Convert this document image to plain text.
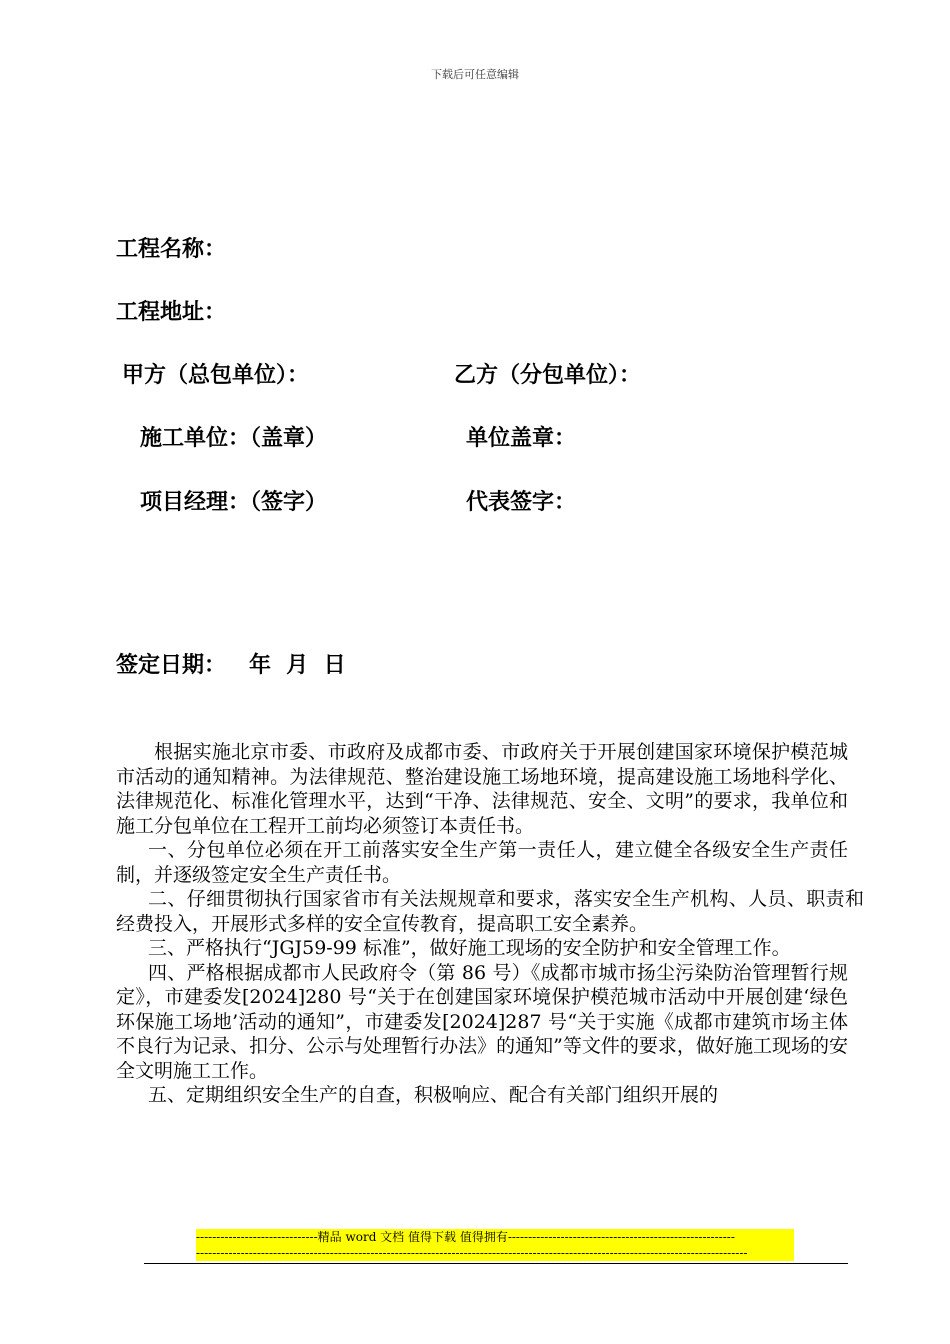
下载后可任意编辑
工程名称：
工程地址：
甲方（总包单位）：	乙方（分包单位）：
施工单位：（盖章）	单位盖章：
项目经理：（签字）	代表签字：
签定日期：   年  月  日

根据实施北京市委、市政府及成都市委、市政府关于开展创建国家环境保护模范城市活动的通知精神。为法律规范、整治建设施工场地环境，提高建设施工场地科学化、法律规范化、标准化管理水平，达到“干净、法律规范、安全、文明”的要求，我单位和施工分包单位在工程开工前均必须签订本责任书。

一、分包单位必须在开工前落实安全生产第一责任人，建立健全各级安全生产责任制，并逐级签定安全生产责任书。

二、仔细贯彻执行国家省市有关法规规章和要求，落实安全生产机构、人员、职责和经费投入，开展形式多样的安全宣传教育，提高职工安全素养。

三、严格执行“JGJ59-99 标准”，做好施工现场的安全防护和安全管理工作。

四、严格根据成都市人民政府令（第 86 号）《成都市城市扬尘污染防治管理暂行规定》，市建委发[2024]280 号“关于在创建国家环境保护模范城市活动中开展创建‘绿色环保施工场地’活动的通知”，市建委发[2024]287 号“关于实施《成都市建筑市场主体不良行为记录、扣分、公示与处理暂行办法》的通知”等文件的要求，做好施工现场的安全文明施工工作。

五、定期组织安全生产的自查，积极响应、配合有关部门组织开展的

------------------------------精品 word 文档 值得下载 值得拥有--------------------------------------------------------
----------------------------------------------------------------------------------------------------------------------------------------
